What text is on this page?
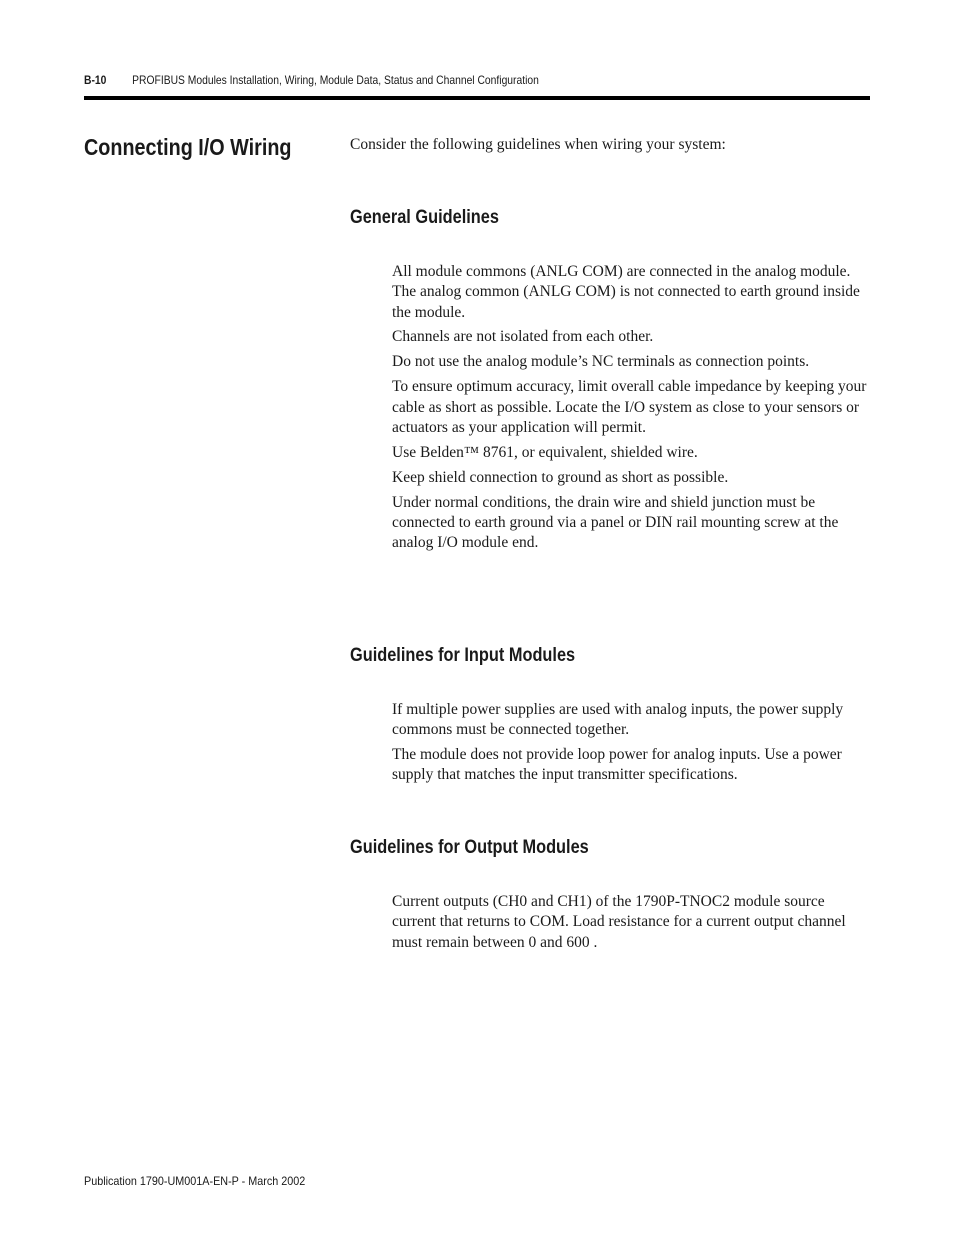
B-10 PROFIBUS Modules Installation, Wiring, Module Data, Status and Channel Configuration
Connecting I/O Wiring	Consider the following guidelines when wiring your system:
General Guidelines
All module commons (ANLG COM) are connected in the analog module. The analog common (ANLG COM) is not connected to earth ground inside the module.
Channels are not isolated from each other.
Do not use the analog module’s NC terminals as connection points.
To ensure optimum accuracy, limit overall cable impedance by keeping your cable as short as possible. Locate the I/O system as close to your sensors or actuators as your application will permit.
Use Belden™ 8761, or equivalent, shielded wire.
Keep shield connection to ground as short as possible.
Under normal conditions, the drain wire and shield junction must be connected to earth ground via a panel or DIN rail mounting screw at the analog I/O module end.
Guidelines for Input Modules
If multiple power supplies are used with analog inputs, the power supply commons must be connected together.
The module does not provide loop power for analog inputs. Use a power supply that matches the input transmitter specifications.
Guidelines for Output Modules
Current outputs (CH0 and CH1) of the 1790P-TNOC2 module source current that returns to COM. Load resistance for a current output channel must remain between 0 and 600 .
Publication 1790-UM001A-EN-P - March 2002
